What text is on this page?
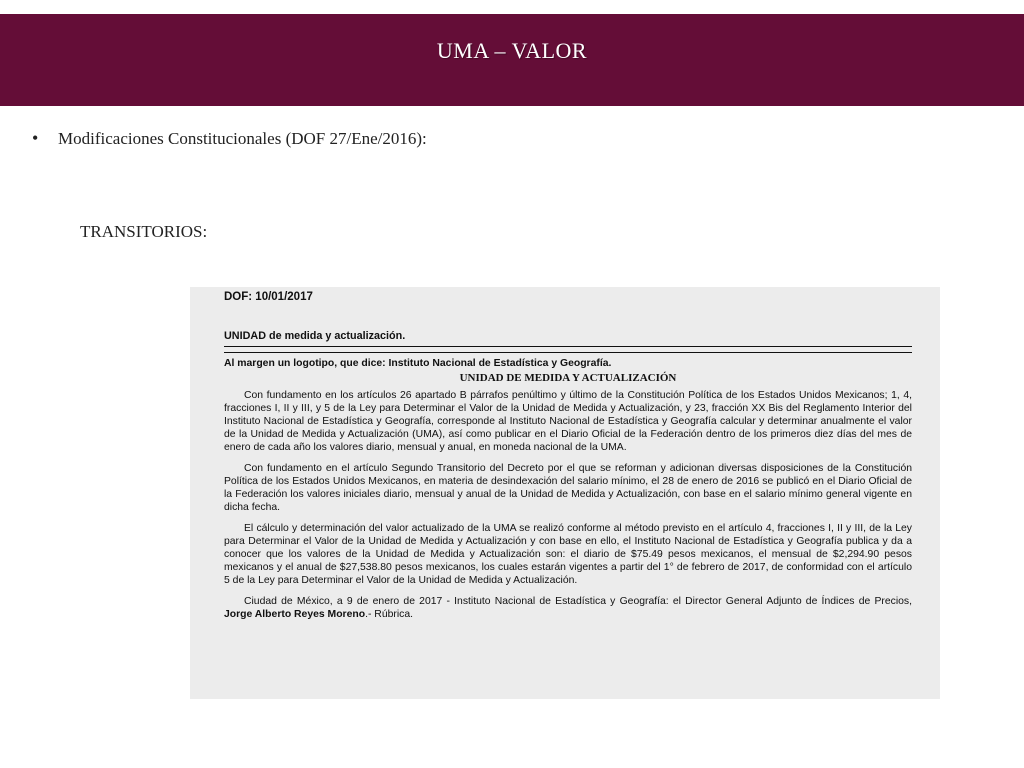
UMA – VALOR
• Modificaciones Constitucionales (DOF 27/Ene/2016):
TRANSITORIOS:
DOF: 10/01/2017
UNIDAD de medida y actualización.
Al margen un logotipo, que dice: Instituto Nacional de Estadística y Geografía.
UNIDAD DE MEDIDA Y ACTUALIZACIÓN

Con fundamento en los artículos 26 apartado B párrafos penúltimo y último de la Constitución Política de los Estados Unidos Mexicanos; 1, 4, fracciones I, II y III, y 5 de la Ley para Determinar el Valor de la Unidad de Medida y Actualización, y 23, fracción XX Bis del Reglamento Interior del Instituto Nacional de Estadística y Geografía, corresponde al Instituto Nacional de Estadística y Geografía calcular y determinar anualmente el valor de la Unidad de Medida y Actualización (UMA), así como publicar en el Diario Oficial de la Federación dentro de los primeros diez días del mes de enero de cada año los valores diario, mensual y anual, en moneda nacional de la UMA.

Con fundamento en el artículo Segundo Transitorio del Decreto por el que se reforman y adicionan diversas disposiciones de la Constitución Política de los Estados Unidos Mexicanos, en materia de desindexación del salario mínimo, el 28 de enero de 2016 se publicó en el Diario Oficial de la Federación los valores iniciales diario, mensual y anual de la Unidad de Medida y Actualización, con base en el salario mínimo general vigente en dicha fecha.

El cálculo y determinación del valor actualizado de la UMA se realizó conforme al método previsto en el artículo 4, fracciones I, II y III, de la Ley para Determinar el Valor de la Unidad de Medida y Actualización y con base en ello, el Instituto Nacional de Estadística y Geografía publica y da a conocer que los valores de la Unidad de Medida y Actualización son: el diario de $75.49 pesos mexicanos, el mensual de $2,294.90 pesos mexicanos y el anual de $27,538.80 pesos mexicanos, los cuales estarán vigentes a partir del 1° de febrero de 2017, de conformidad con el artículo 5 de la Ley para Determinar el Valor de la Unidad de Medida y Actualización.

Ciudad de México, a 9 de enero de 2017 - Instituto Nacional de Estadística y Geografía: el Director General Adjunto de Índices de Precios, Jorge Alberto Reyes Moreno.- Rúbrica.
